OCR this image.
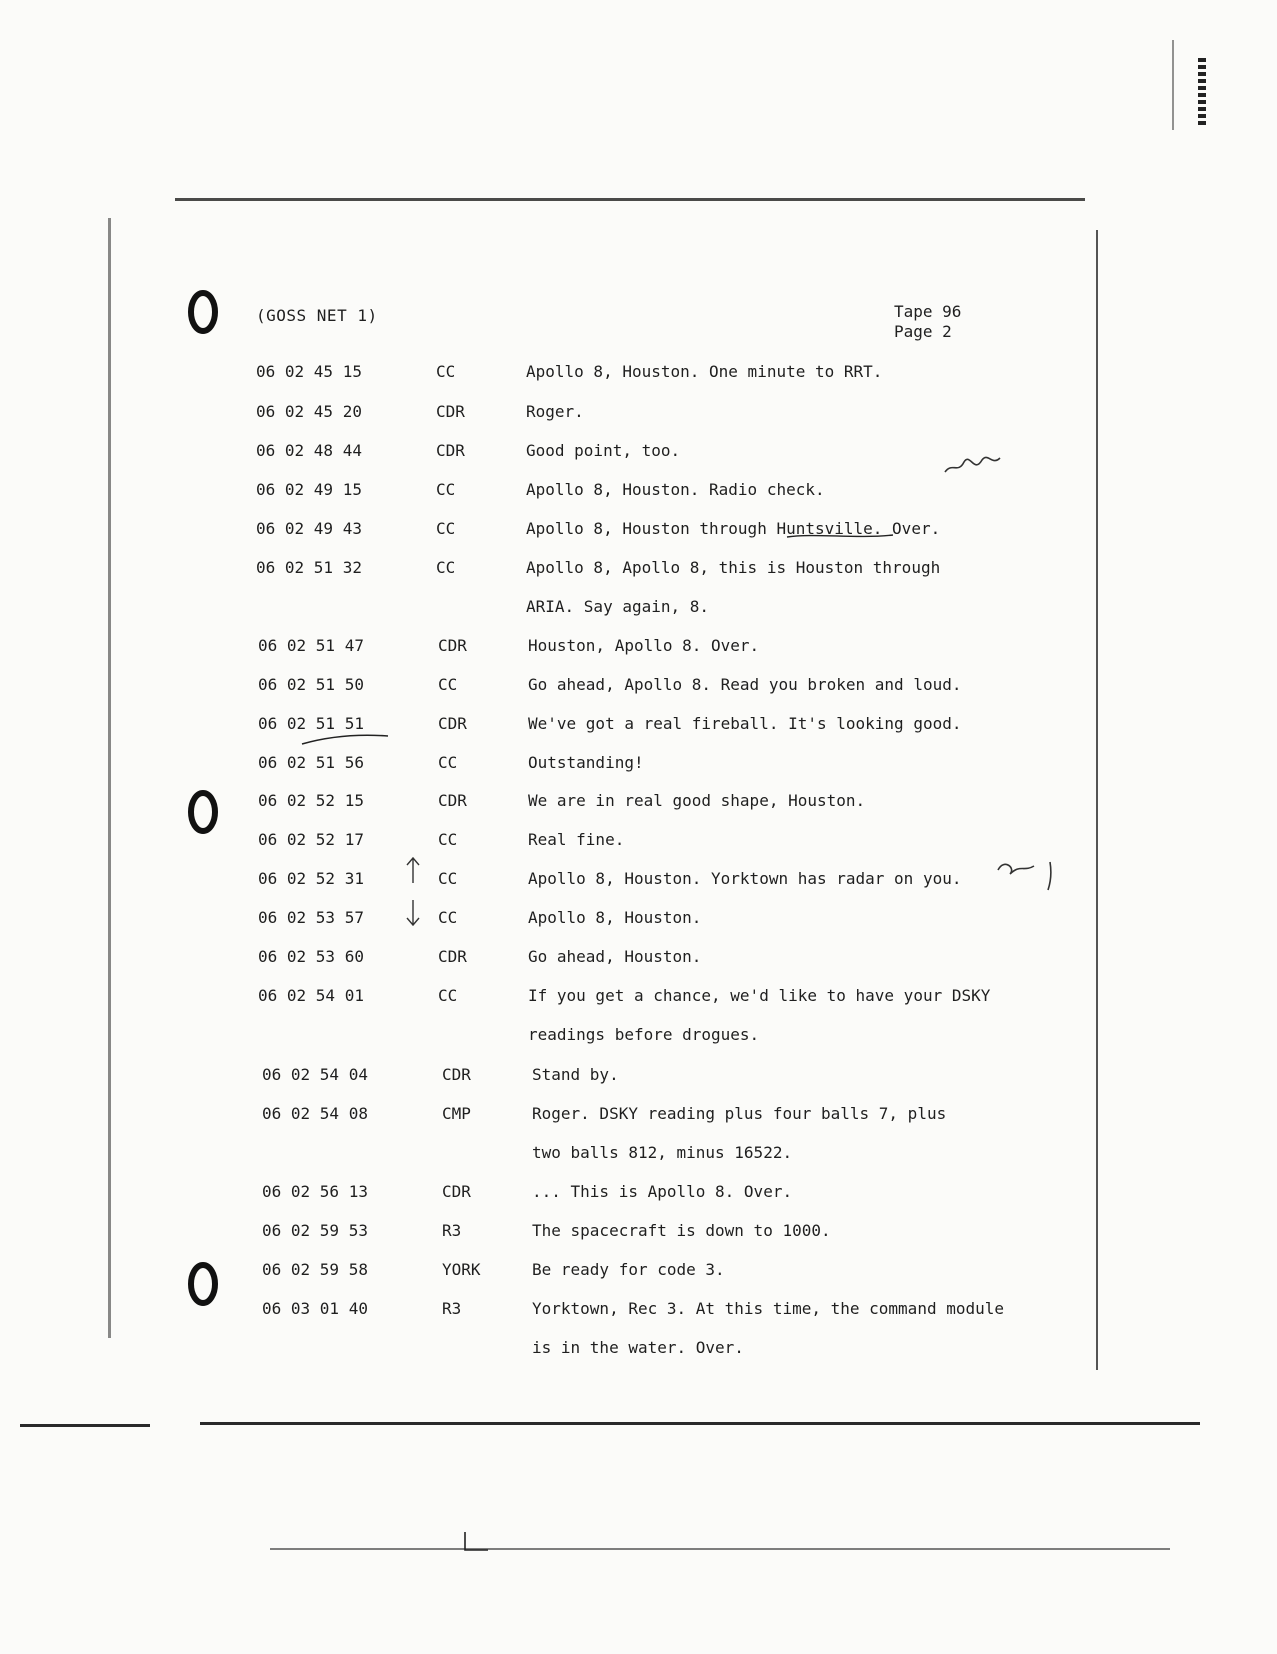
(GOSS NET 1)	Tape 96
Page 2
06 02 45 15	CC	Apollo 8, Houston. One minute to RRT.
06 02 45 20	CDR	Roger.
06 02 48 44	CDR	Good point, too.
06 02 49 15	CC	Apollo 8, Houston. Radio check.
06 02 49 43	CC	Apollo 8, Houston through Huntsville. Over.
06 02 51 32	CC	Apollo 8, Apollo 8, this is Houston through
ARIA. Say again, 8.
06 02 51 47	CDR	Houston, Apollo 8. Over.
06 02 51 50	CC	Go ahead, Apollo 8. Read you broken and loud.
06 02 51 51	CDR	We've got a real fireball. It's looking good.
06 02 51 56	CC	Outstanding!
06 02 52 15	CDR	We are in real good shape, Houston.
06 02 52 17	CC	Real fine.
06 02 52 31	CC	Apollo 8, Houston. Yorktown has radar on you.
06 02 53 57	CC	Apollo 8, Houston.
06 02 53 60	CDR	Go ahead, Houston.
06 02 54 01	CC	If you get a chance, we'd like to have your DSKY
readings before drogues.
06 02 54 04	CDR	Stand by.
06 02 54 08	CMP	Roger. DSKY reading plus four balls 7, plus
two balls 812, minus 16522.
06 02 56 13	CDR	... This is Apollo 8. Over.
06 02 59 53	R3	The spacecraft is down to 1000.
06 02 59 58	YORK	Be ready for code 3.
06 03 01 40	R3	Yorktown, Rec 3. At this time, the command module
is in the water. Over.
